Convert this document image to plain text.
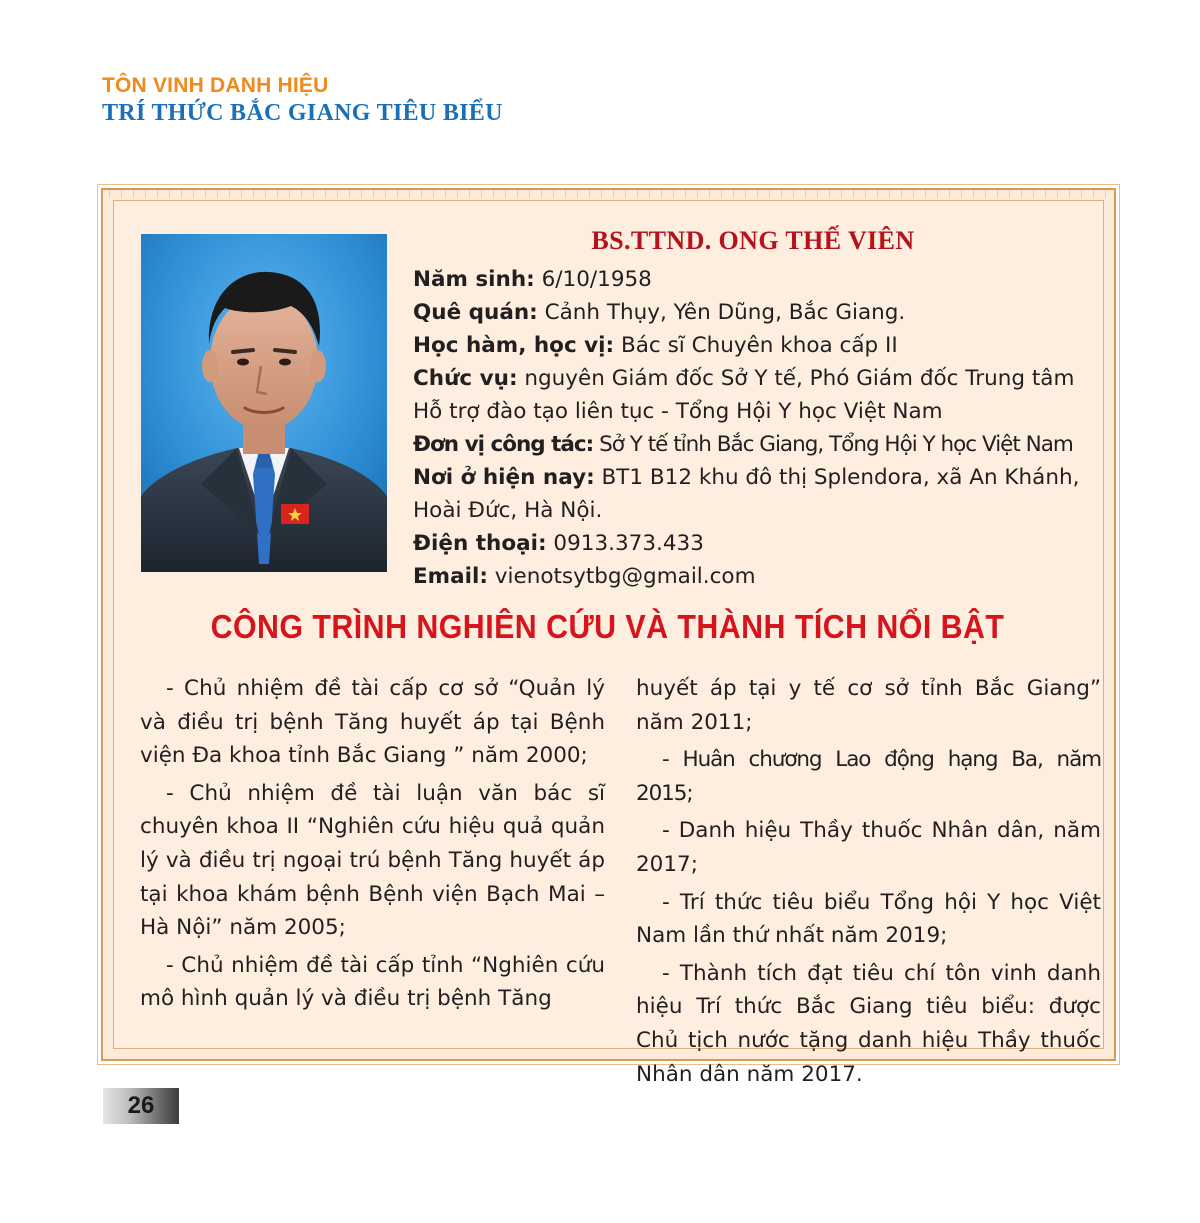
TÔN VINH DANH HIỆU
TRÍ THỨC BẮC GIANG TIÊU BIỂU
BS.TTND. ONG THẾ VIÊN
Năm sinh: 6/10/1958
Quê quán: Cảnh Thụy, Yên Dũng, Bắc Giang.
Học hàm, học vị: Bác sĩ Chuyên khoa cấp II
Chức vụ: nguyên Giám đốc Sở Y tế, Phó Giám đốc Trung tâm
Hỗ trợ đào tạo liên tục - Tổng Hội Y học Việt Nam
Đơn vị công tác: Sở Y tế tỉnh Bắc Giang, Tổng Hội Y học Việt Nam
Nơi ở hiện nay: BT1 B12 khu đô thị Splendora, xã An Khánh,
Hoài Đức, Hà Nội.
Điện thoại: 0913.373.433
Email: vienotsytbg@gmail.com
CÔNG TRÌNH NGHIÊN CỨU VÀ THÀNH TÍCH NỔI BẬT

- Chủ nhiệm đề tài cấp cơ sở “Quản lý và điều trị bệnh Tăng huyết áp tại Bệnh viện Đa khoa tỉnh Bắc Giang ” năm 2000;

- Chủ nhiệm đề tài luận văn bác sĩ chuyên khoa II “Nghiên cứu hiệu quả quản lý và điều trị ngoại trú bệnh Tăng huyết áp tại khoa khám bệnh Bệnh viện Bạch Mai – Hà Nội” năm 2005;

- Chủ nhiệm đề tài cấp tỉnh “Nghiên cứu mô hình quản lý và điều trị bệnh Tăng

huyết áp tại y tế cơ sở tỉnh Bắc Giang” năm 2011;

- Huân chương Lao động hạng Ba, năm 2015;

- Danh hiệu Thầy thuốc Nhân dân, năm 2017;

- Trí thức tiêu biểu Tổng hội Y học Việt Nam lần thứ nhất năm 2019;

- Thành tích đạt tiêu chí tôn vinh danh hiệu Trí thức Bắc Giang tiêu biểu: được Chủ tịch nước tặng danh hiệu Thầy thuốc Nhân dân năm 2017.

26
